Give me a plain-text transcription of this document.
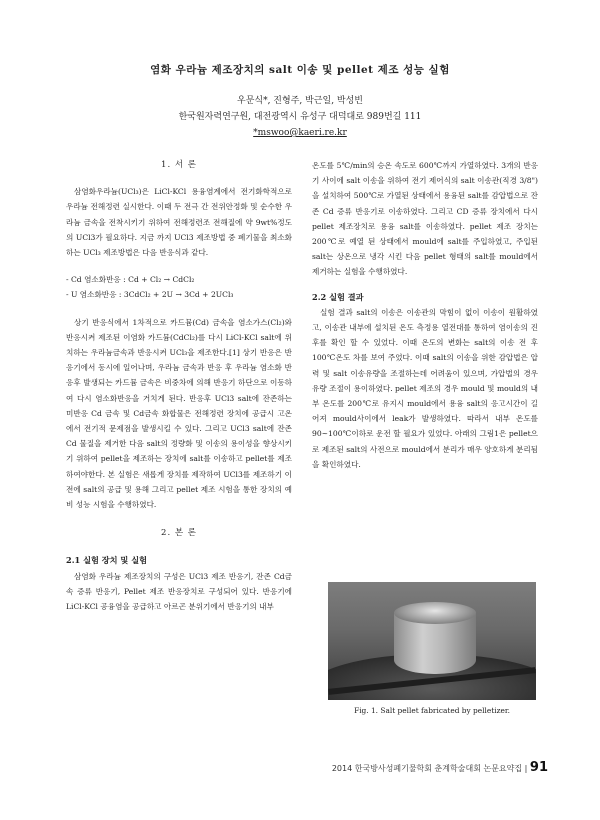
염화 우라늄 제조장치의 salt 이송 및 pellet 제조 성능 실험
우문식*, 진형주, 박근일, 박성빈
한국원자력연구원, 대전광역시 유성구 대덕대로 989번길 111
*mswoo@kaeri.re.kr
1. 서 론

삼염화우라늄(UCl₃)은 LiCl-KCl 용융염계에서 전기화학적으로 우라늄 전해정련 실시한다. 이때 두 전극 간 전위안정화 및 순수한 우라늄 금속을 전착시키기 위하여 전해정련조 전해질에 약 9wt%정도의 UCl3가 필요하다. 지금 까지 UCl3 제조방법 중 폐기물을 최소화하는 UCl₃ 제조방법은 다음 반응식과 같다.

- Cd 염소화반응 : Cd + Cl₂ → CdCl₂

- U 염소화반응 : 3CdCl₂ + 2U → 3Cd + 2UCl₃

상기 반응식에서 1차적으로 카드뮴(Cd) 금속을 염소가스(Cl₂)와 반응시켜 제조된 이염화 카드뮴(CdCl₂)를 다시 LiCl-KCl salt에 위치하는 우라늄금속과 반응시켜 UCl₃을 제조한다.[1] 상기 반응은 반응기에서 동시에 일어나며, 우라늄 금속과 반응 후 우라늄 염소화 반응후 발생되는 카드뮴 금속은 비중차에 의해 반응기 하단으로 이동하여 다시 염소화반응을 거치게 된다. 반응후 UCl3 salt에 잔존하는 미반응 Cd 금속 및 Cd금속 화합물은 전해정련 장치에 공급시 고온에서 전기적 문제점을 발생시킬 수 있다. 그리고 UCl3 salt에 잔존Cd 물질을 제거한 다음 salt의 정량화 및 이송의 용이성을 향상시키기 위하여 pellet을 제조하는 장치에 salt를 이송하고 pellet를 제조하여야한다. 본 실험은 새롭게 장치를 제작하여 UCl3를 제조하기 이전에 salt의 공급 및 용해 그리고 pellet 제조 시험을 통한 장치의 예비 성능 시험을 수행하였다.

2. 본 론
2.1 실험 장치 및 실험

삼염화 우라늄 제조장치의 구성은 UCl3 제조 반응기, 잔존 Cd금속 증류 반응기, Pellet 제조 반응장치로 구성되어 있다. 반응기에 LiCl-KCl 공융염을 공급하고 아르곤 분위기에서 반응기의 내부

온도를 5℃/min의 승온 속도로 600℃까지 가열하였다. 3개의 반응기 사이에 salt 이송을 위하여 전기 제어식의 salt 이송관(직경 3/8")을 설치하여 500℃로 가열된 상태에서 용융된 salt를 감압법으로 잔존 Cd 증류 반응기로 이송하였다. 그리고 CD 증류 장치에서 다시 pellet 제조장치로 용융 salt를 이송하였다. pellet 제조 장치는 200℃로 예열 된 상태에서 mould에 salt를 주입하였고, 주입된 salt는 상온으로 냉각 시킨 다음 pellet 형태의 salt를 mould에서 제거하는 실험을 수행하였다.

2.2 실험 결과

실험 결과 salt의 이송은 이송관의 막힘이 없이 이송이 원활하였고, 이송관 내부에 설치된 온도 측정용 열전대를 통하여 염이송의 진후를 확인 할 수 있었다. 이때 온도의 변화는 salt의 이송 전 후 100℃온도 차를 보여 주었다. 이때 salt의 이송을 위한 감압법은 압력 및 salt 이송유량을 조절하는데 어려움이 있으며, 가압법의 경우 유량 조절이 용이하였다. pellet 제조의 경우 mould 및 mould의 내부 온도를 200℃로 유지시 mould에서 용융 salt의 응고시간이 길어져 mould사이에서 leak가 발생하였다. 따라서 내부 온도를 90~100℃이하로 운전 할 필요가 있었다. 아래의 그림1은 pellet으로 제조된 salt의 사전으로 mould에서 분리가 매우 양호하게 분리됨을 확인하였다.

Fig. 1. Salt pellet fabricated by pelletizer.
2014 한국방사성폐기물학회 춘계학술대회 논문요약집 | 91
